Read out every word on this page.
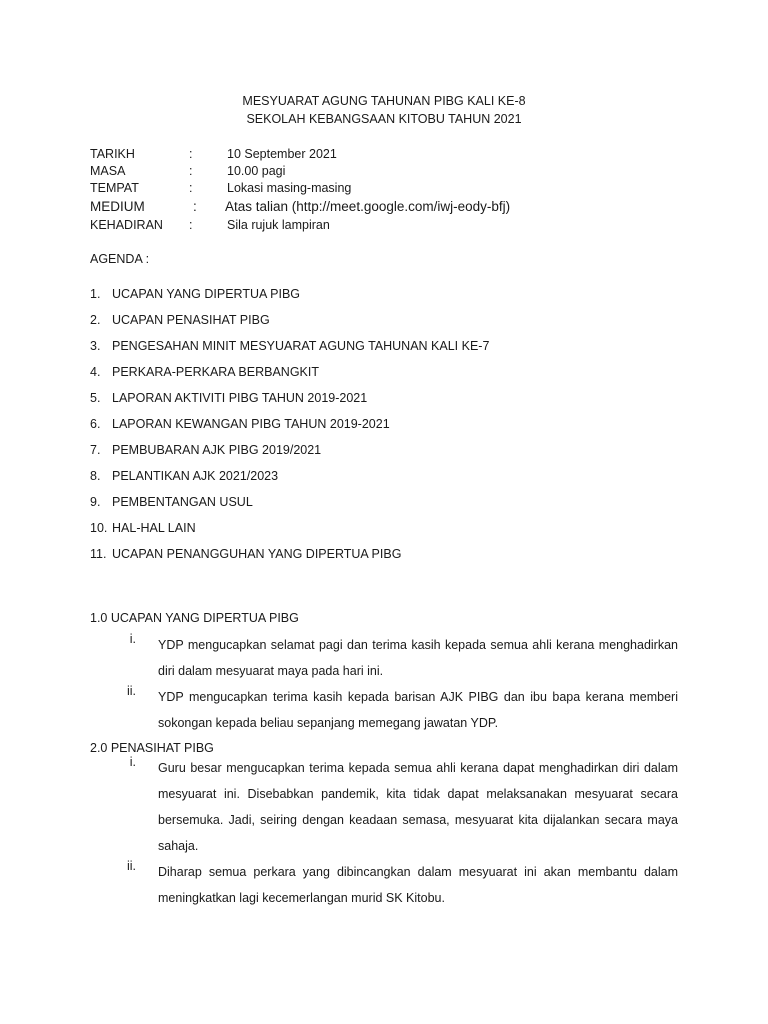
MESYUARAT AGUNG TAHUNAN PIBG KALI KE-8
SEKOLAH KEBANGSAAN KITOBU TAHUN 2021
TARIKH	:	10 September 2021
MASA	:	10.00 pagi
TEMPAT	:	Lokasi masing-masing
MEDIUM	: Atas talian (http://meet.google.com/iwj-eody-bfj)
KEHADIRAN :	Sila rujuk lampiran
AGENDA :
1. UCAPAN YANG DIPERTUA PIBG
2. UCAPAN PENASIHAT PIBG
3. PENGESAHAN MINIT MESYUARAT AGUNG TAHUNAN KALI KE-7
4. PERKARA-PERKARA BERBANGKIT
5. LAPORAN AKTIVITI PIBG TAHUN 2019-2021
6. LAPORAN KEWANGAN PIBG TAHUN 2019-2021
7. PEMBUBARAN AJK PIBG 2019/2021
8. PELANTIKAN AJK 2021/2023
9. PEMBENTANGAN USUL
10. HAL-HAL LAIN
11. UCAPAN PENANGGUHAN YANG DIPERTUA PIBG
1.0 UCAPAN YANG DIPERTUA PIBG
i. YDP mengucapkan selamat pagi dan terima kasih kepada semua ahli kerana menghadirkan diri dalam mesyuarat maya pada hari ini.
ii. YDP mengucapkan terima kasih kepada barisan AJK PIBG dan ibu bapa kerana memberi sokongan kepada beliau sepanjang memegang jawatan YDP.
2.0 PENASIHAT PIBG
i. Guru besar mengucapkan terima kepada semua ahli kerana dapat menghadirkan diri dalam mesyuarat ini. Disebabkan pandemik, kita tidak dapat melaksanakan mesyuarat secara bersemuka. Jadi, seiring dengan keadaan semasa, mesyuarat kita dijalankan secara maya sahaja.
ii. Diharap semua perkara yang dibincangkan dalam mesyuarat ini akan membantu dalam meningkatkan lagi kecemerlangan murid SK Kitobu.
